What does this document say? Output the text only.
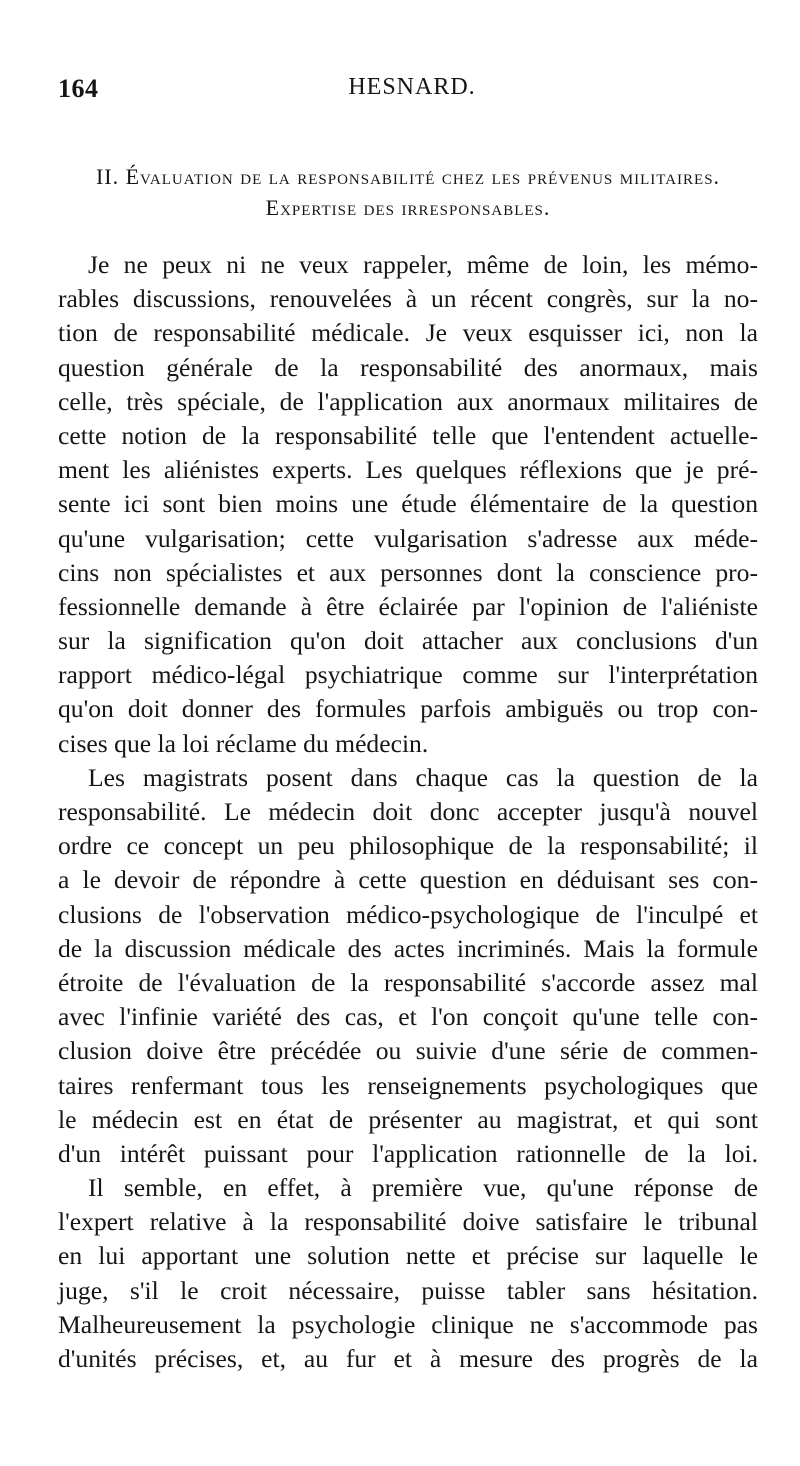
164	HESNARD.
II. Évaluation de la responsabilité chez les prévenus militaires.
Expertise des irresponsables.
Je ne peux ni ne veux rappeler, même de loin, les mémo-
rables discussions, renouvelées à un récent congrès, sur la no-
tion de responsabilité médicale. Je veux esquisser ici, non la
question générale de la responsabilité des anormaux, mais
celle, très spéciale, de l'application aux anormaux militaires de
cette notion de la responsabilité telle que l'entendent actuelle-
ment les aliénistes experts. Les quelques réflexions que je pré-
sente ici sont bien moins une étude élémentaire de la question
qu'une vulgarisation; cette vulgarisation s'adresse aux méde-
cins non spécialistes et aux personnes dont la conscience pro-
fessionnelle demande à être éclairée par l'opinion de l'aliéniste
sur la signification qu'on doit attacher aux conclusions d'un
rapport médico-légal psychiatrique comme sur l'interprétation
qu'on doit donner des formules parfois ambiguës ou trop con-
cises que la loi réclame du médecin.
Les magistrats posent dans chaque cas la question de la
responsabilité. Le médecin doit donc accepter jusqu'à nouvel
ordre ce concept un peu philosophique de la responsabilité; il
a le devoir de répondre à cette question en déduisant ses con-
clusions de l'observation médico-psychologique de l'inculpé et
de la discussion médicale des actes incriminés. Mais la formule
étroite de l'évaluation de la responsabilité s'accorde assez mal
avec l'infinie variété des cas, et l'on conçoit qu'une telle con-
clusion doive être précédée ou suivie d'une série de commen-
taires renfermant tous les renseignements psychologiques que
le médecin est en état de présenter au magistrat, et qui sont
d'un intérêt puissant pour l'application rationnelle de la loi.
Il semble, en effet, à première vue, qu'une réponse de
l'expert relative à la responsabilité doive satisfaire le tribunal
en lui apportant une solution nette et précise sur laquelle le
juge, s'il le croit nécessaire, puisse tabler sans hésitation.
Malheureusement la psychologie clinique ne s'accommode pas
d'unités précises, et, au fur et à mesure des progrès de la
